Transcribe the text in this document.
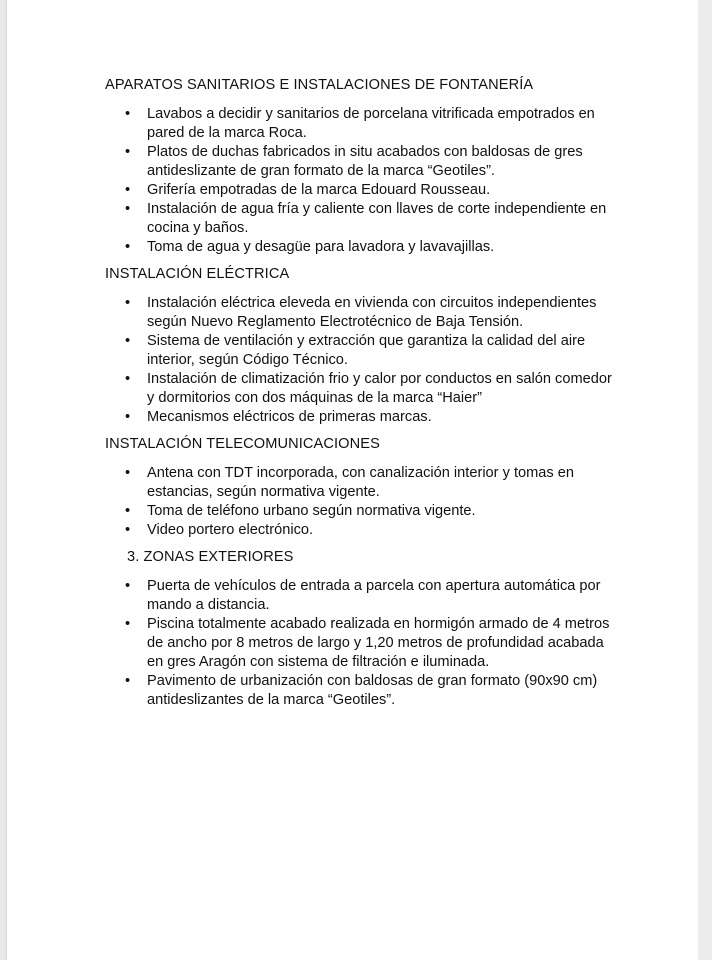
APARATOS SANITARIOS E INSTALACIONES DE FONTANERÍA
• Lavabos a decidir y sanitarios de porcelana vitrificada empotrados en pared de la marca Roca.
• Platos de duchas fabricados in situ acabados con baldosas de gres antideslizante de gran formato de la marca “Geotiles”.
• Grifería empotradas de la marca Edouard Rousseau.
• Instalación de agua fría y caliente con llaves de corte independiente en cocina y baños.
• Toma de agua y desagüe para lavadora y lavavajillas.
INSTALACIÓN ELÉCTRICA
• Instalación eléctrica eleveda en vivienda con circuitos independientes según Nuevo Reglamento Electrotécnico de Baja Tensión.
• Sistema de ventilación y extracción que garantiza la calidad del aire interior, según Código Técnico.
• Instalación de climatización frio y calor por conductos en salón comedor y dormitorios con dos máquinas de la marca “Haier”
• Mecanismos eléctricos de primeras marcas.
INSTALACIÓN TELECOMUNICACIONES
• Antena con TDT incorporada, con canalización interior y tomas en estancias, según normativa vigente.
• Toma de teléfono urbano según normativa vigente.
• Video portero electrónico.
3. ZONAS EXTERIORES
• Puerta de vehículos de entrada a parcela con apertura automática por mando a distancia.
• Piscina totalmente acabado realizada en hormigón armado de 4 metros de ancho por 8 metros de largo y 1,20 metros de profundidad acabada en gres Aragón con sistema de filtración e iluminada.
• Pavimento de urbanización con baldosas de gran formato (90x90 cm) antideslizantes de la marca “Geotiles”.
